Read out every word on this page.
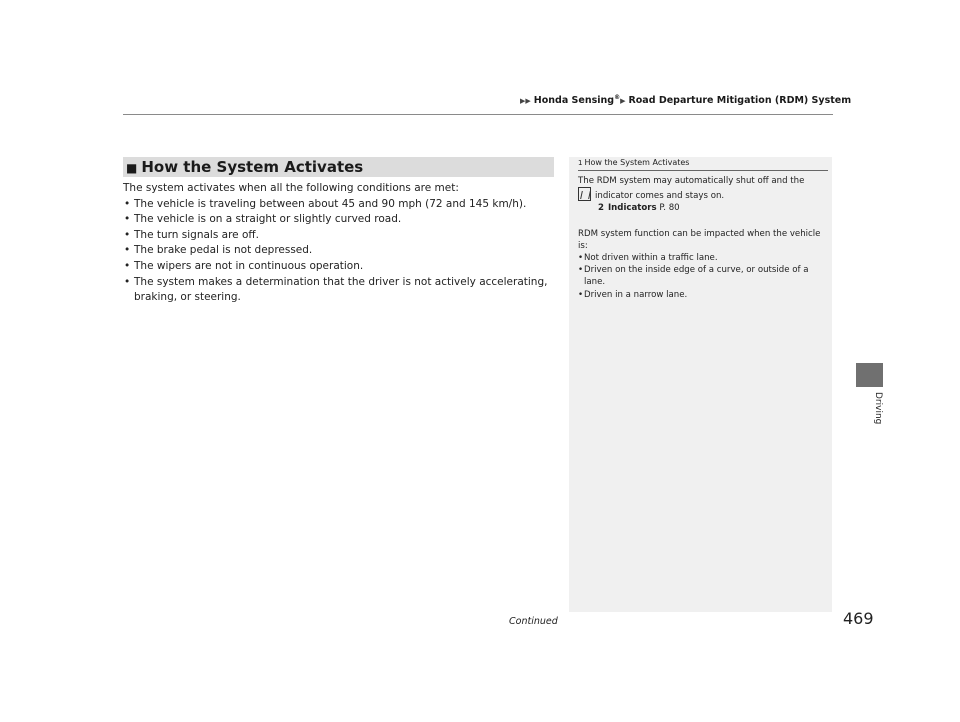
▶▶ Honda Sensing®▶ Road Departure Mitigation (RDM) System
■ How the System Activates
The system activates when all the following conditions are met:
• The vehicle is traveling between about 45 and 90 mph (72 and 145 km/h).
• The vehicle is on a straight or slightly curved road.
• The turn signals are off.
• The brake pedal is not depressed.
• The wipers are not in continuous operation.
• The system makes a determination that the driver is not actively accelerating, braking, or steering.
1 How the System Activates

The RDM system may automatically shut off and the

indicator comes and stays on.

2 Indicators P. 80

RDM system function can be impacted when the vehicle is:

• Not driven within a traffic lane.
• Driven on the inside edge of a curve, or outside of a lane.
• Driven in a narrow lane.
Driving
Continued	469
